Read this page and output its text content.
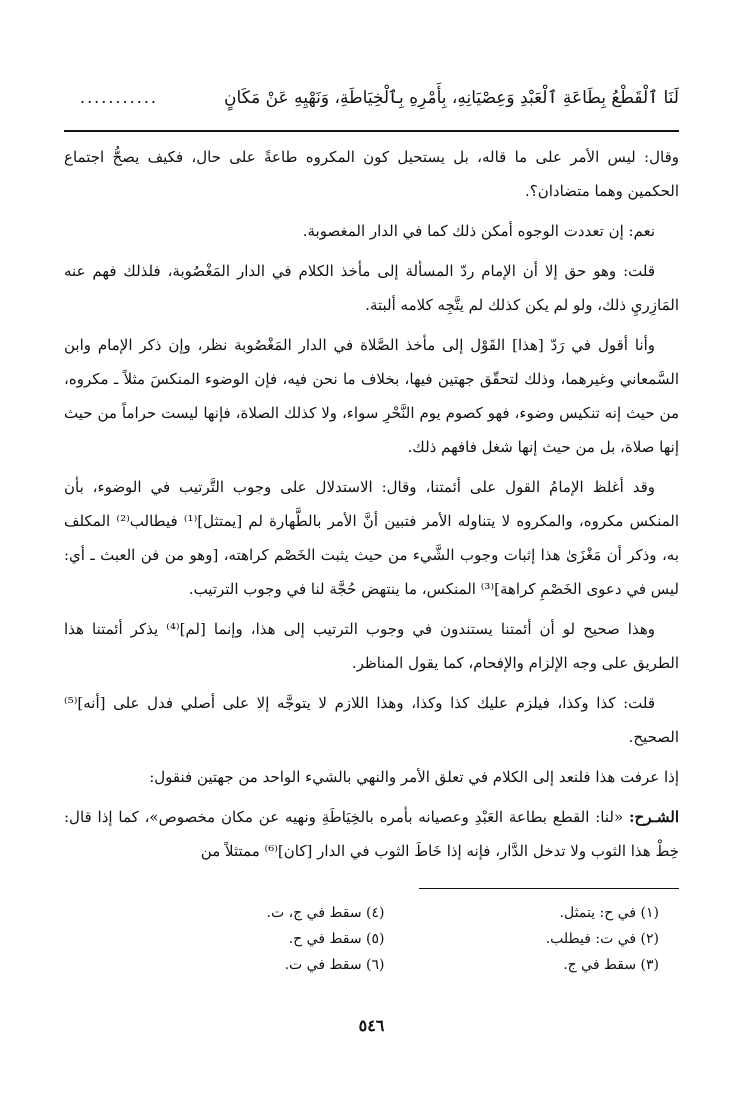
لَنَا ٱلْقَطْعُ بِطَاعَةِ ٱلْعَبْدِ وَعِصْيَانِهِ، بِأَمْرِهِ بِٱلْخِيَاطَةِ، وَنَهْيِهِ عَنْ مَكَانٍ
...........

وقال: ليس الأمر على ما قاله، بل يستحيل كون المكروه طاعةً على حال، فكيف يصحُّ اجتماع الحكمين وهما متضادان؟.

نعم: إن تعددت الوجوه أمكن ذلك كما في الدار المغصوبة.

قلت: وهو حق إلا أن الإمام ردّ المسألة إلى مأخذ الكلام في الدار المَغْصُوبة، فلذلك فهم عنه المَازِريِ ذلك، ولو لم يكن كذلك لم يتَّجِه كلامه ألبتة.

وأنا أقول في رَدّ [هذا] القَوْل إلى مأخذ الصَّلاة في الدار المَغْصُوبة نظر، وإن ذكر الإمام وابن السَّمعاني وغيرهما، وذلك لتحقّق جهتين فيها، بخلاف ما نحن فيه، فإن الوضوء المنكسَ مثلاً ـ مكروه، من حيث إنه تنكيس وضوء، فهو كصوم يوم النَّحْرِ سواء، ولا كذلك الصلاة، فإنها ليست حراماً من حيث إنها صلاة، بل من حيث إنها شغل فافهم ذلك.

وقد أغلظ الإمامُ القول على أئمتنا، وقال: الاستدلال على وجوب التَّرتيب في الوضوء، بأن المنكس مكروه، والمكروه لا يتناوله الأمر فتبين أنَّ الأمر بالطَّهارة لم [يمتثل]⁽¹⁾ فيطالب⁽²⁾ المكلف به، وذكر أن مَغْزَىٰ هذا إثبات وجوب الشَّيء من حيث يثبت الخَصْم كراهته، [وهو من فن العبث ـ أي: ليس في دعوى الخَصْمِ كراهة]⁽³⁾ المنكس، ما ينتهض حُجَّة لنا في وجوب الترتيب.

وهذا صحيح لو أن أئمتنا يستندون في وجوب الترتيب إلى هذا، وإنما [لم]⁽⁴⁾ يذكر أئمتنا هذا الطريق على وجه الإلزام والإفحام، كما يقول المناظر.

قلت: كذا وكذا، فيلزم عليك كذا وكذا، وهذا اللازم لا يتوجَّه إلا على أصلي فدل على [أنه]⁽⁵⁾ الصحيح.

إذا عرفت هذا فلنعد إلى الكلام في تعلق الأمر والنهي بالشيء الواحد من جهتين فنقول:

الشـرح: «لنا: القطع بطاعة العَبْدِ وعصيانه بأمره بالخِيَاطَةِ ونهيه عن مكان مخصوص»، كما إذا قال: خِطْ هذا الثوب ولا تدخل الدَّار، فإنه إذا خَاطَ الثوب في الدار [كان]⁽⁶⁾ ممتثلاً من

(١) في ح: يتمثل.
(٢) في ت: فيطلب.
(٣) سقط في ج.
(٤) سقط في ج، ت.
(٥) سقط في ح.
(٦) سقط في ت.
٥٤٦
